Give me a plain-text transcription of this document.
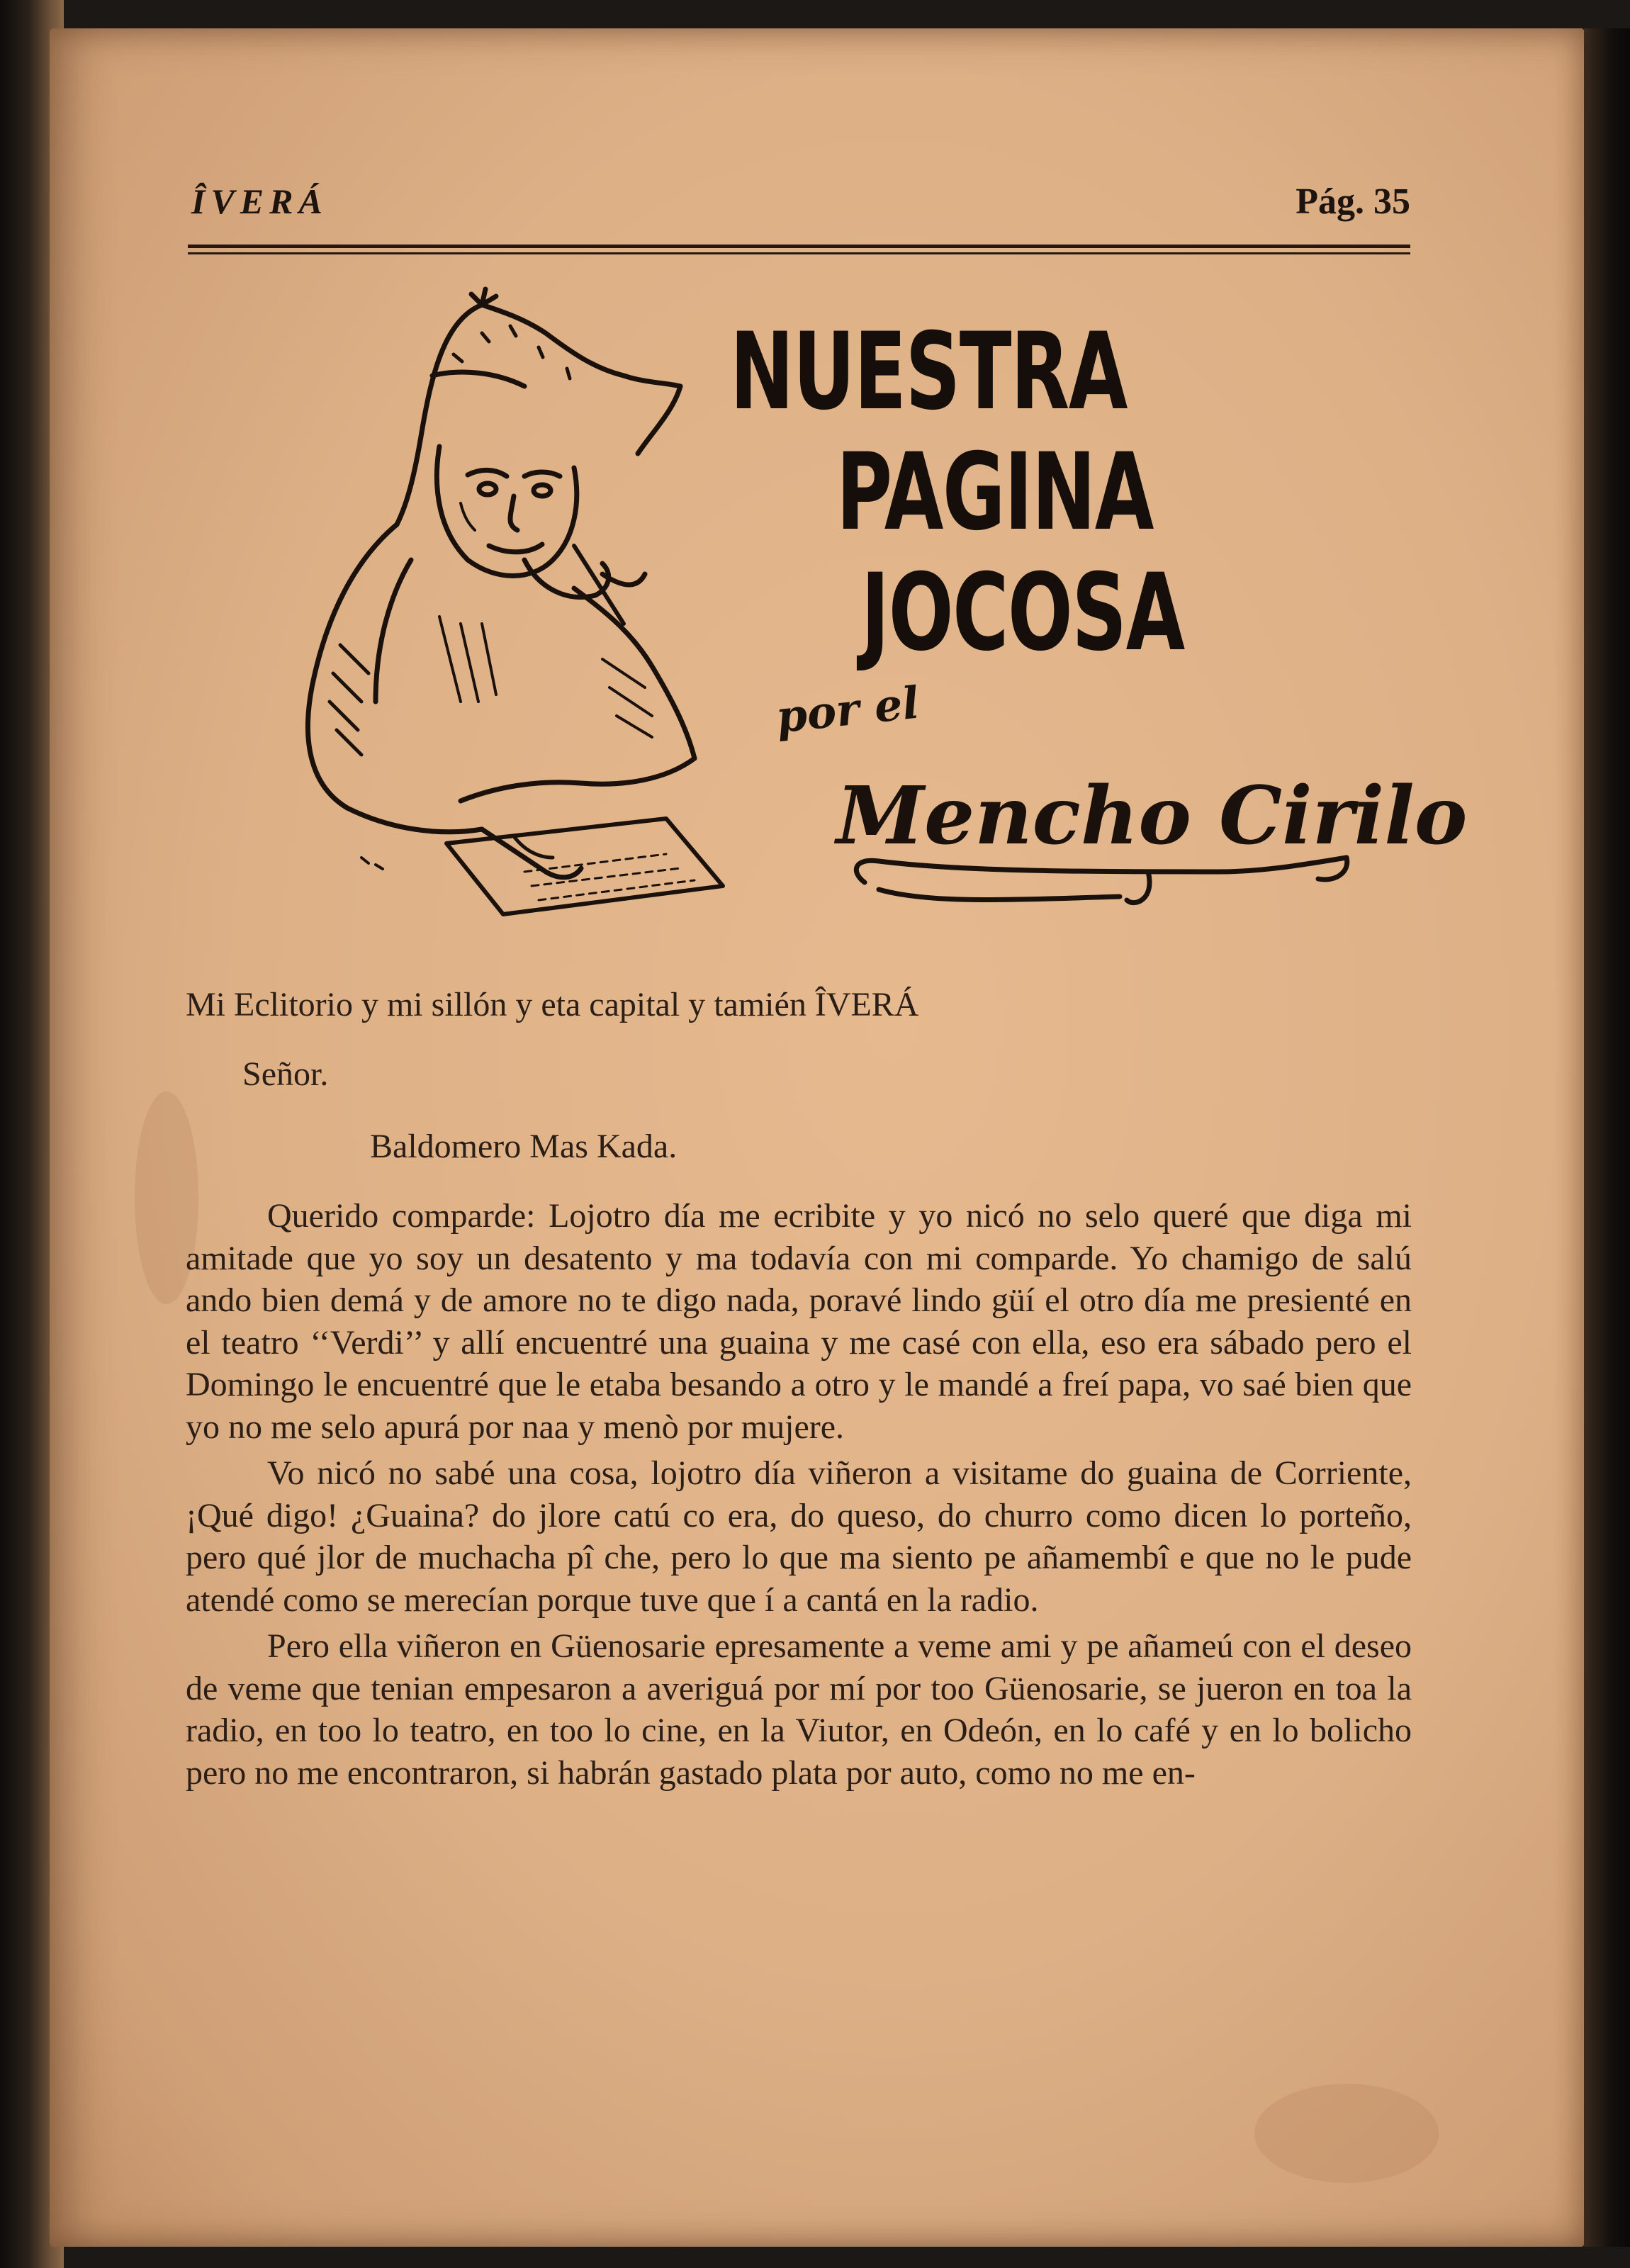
ÎVERÁ	Pág. 35
NUESTRA
PAGINA
JOCOSA
por el
Mencho Cirilo

Mi Eclitorio y mi sillón y eta capital y tamién ÎVERÁ

Señor.

Baldomero Mas Kada.

Querido comparde: Lojotro día me ecribite y yo nicó no selo queré que diga mi amitade que yo soy un desatento y ma todavía con mi comparde. Yo chamigo de salú ando bien demá y de amore no te digo nada, poravé lindo güí el otro día me presienté en el teatro ‘‘Verdi’’ y allí encuentré una guaina y me casé con ella, eso era sábado pero el Domingo le encuentré que le etaba besando a otro y le mandé a freí papa, vo saé bien que yo no me selo apurá por naa y menò por mujere.

Vo nicó no sabé una cosa, lojotro día viñeron a visitame do guaina de Corriente, ¡Qué digo! ¿Guaina? do jlore catú co era, do queso, do churro como dicen lo porteño, pero qué jlor de muchacha pî che, pero lo que ma siento pe añamembî e que no le pude atendé como se merecían porque tuve que í a cantá en la radio.

Pero ella viñeron en Güenosarie epresamente a veme ami y pe añameú con el deseo de veme que tenian empesaron a averiguá por mí por too Güenosarie, se jueron en toa la radio, en too lo teatro, en too lo cine, en la Viutor, en Odeón, en lo café y en lo bolicho pero no me encontraron, si habrán gastado plata por auto, como no me en-
